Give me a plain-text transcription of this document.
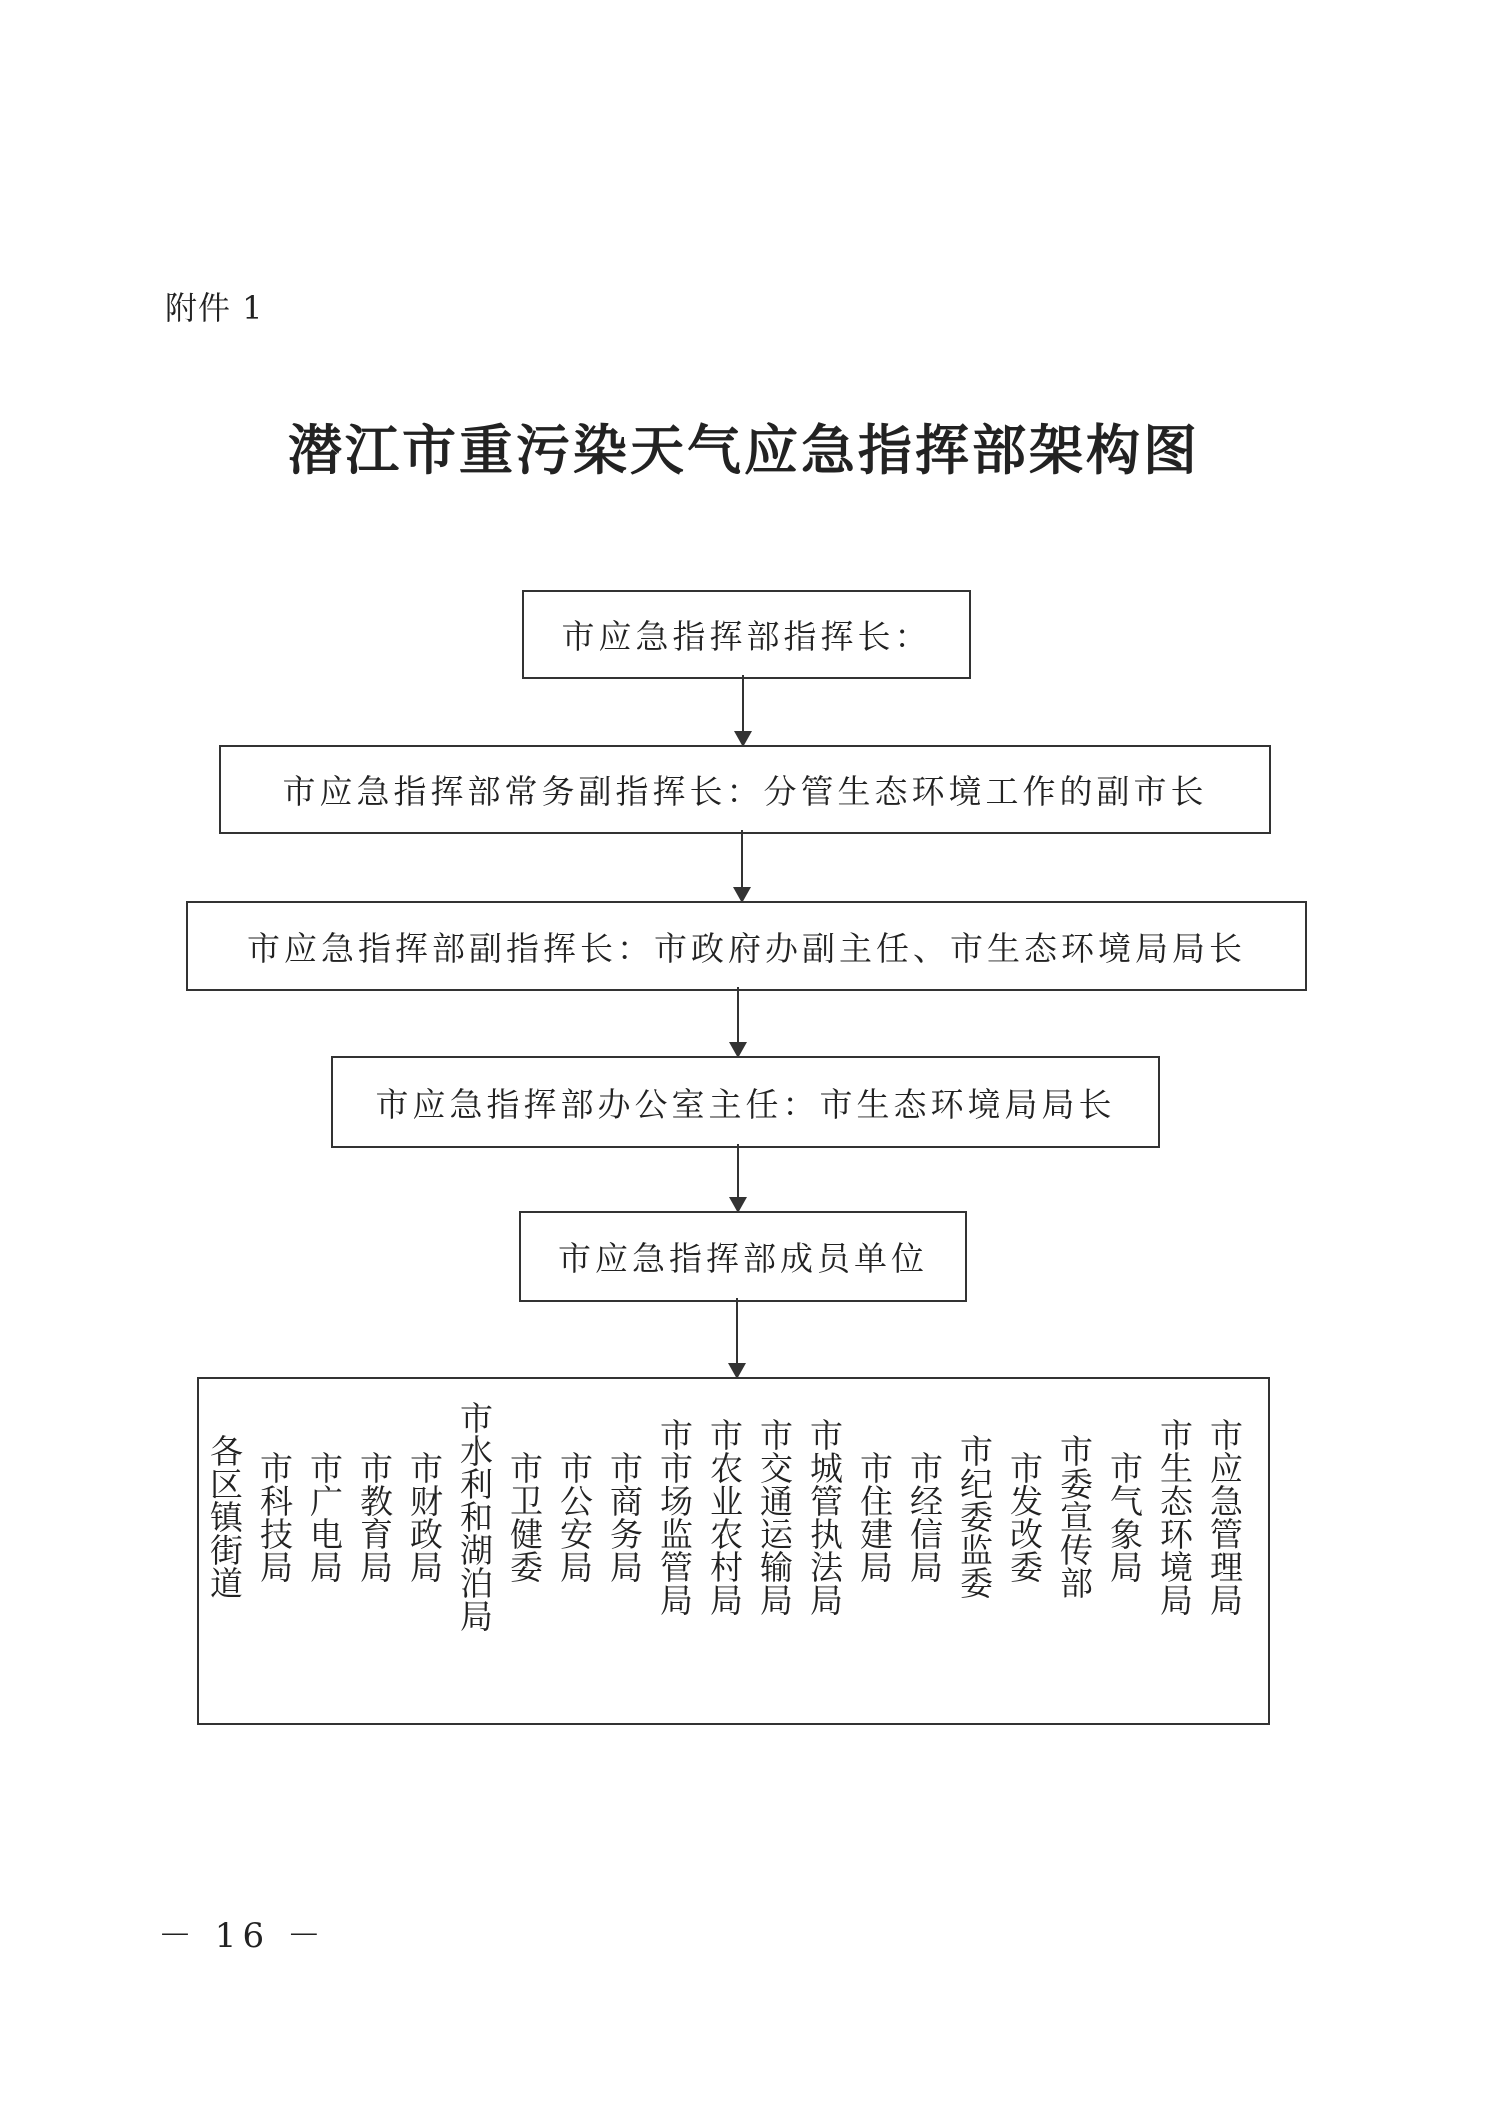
附件 1
潜江市重污染天气应急指挥部架构图
市应急指挥部指挥长：
市应急指挥部常务副指挥长：分管生态环境工作的副市长
市应急指挥部副指挥长：市政府办副主任、市生态环境局局长
市应急指挥部办公室主任：市生态环境局局长
市应急指挥部成员单位
市应急管理局
市生态环境局
市气象局
市委宣传部
市发改委
市纪委监委
市经信局
市住建局
市城管执法局
市交通运输局
市农业农村局
市市场监管局
市商务局
市公安局
市卫健委
市水利和湖泊局
市财政局
市教育局
市广电局
市科技局
各区镇街道
－ 16 －
